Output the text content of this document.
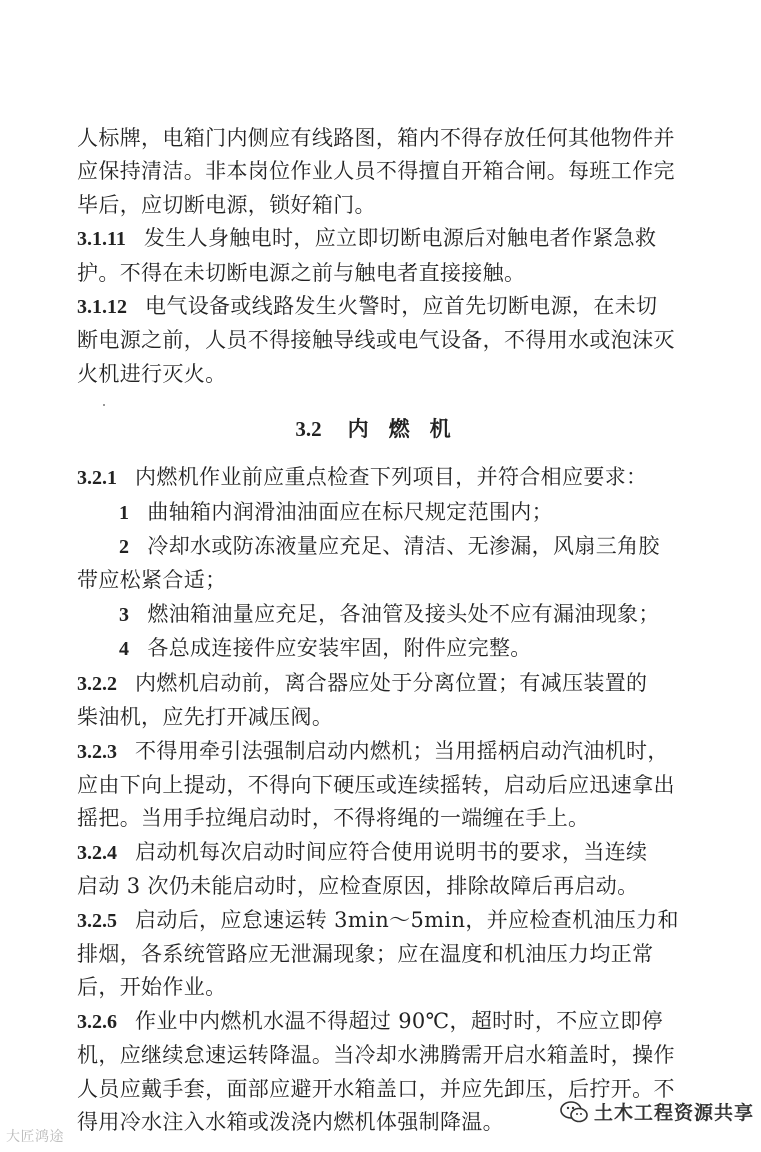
人标牌，电箱门内侧应有线路图，箱内不得存放任何其他物件并
应保持清洁。非本岗位作业人员不得擅自开箱合闸。每班工作完
毕后，应切断电源，锁好箱门。
3.1.11 发生人身触电时，应立即切断电源后对触电者作紧急救
护。不得在未切断电源之前与触电者直接接触。
3.1.12 电气设备或线路发生火警时，应首先切断电源，在未切
断电源之前，人员不得接触导线或电气设备，不得用水或泡沫灭
火机进行灭火。
3.2 内燃机
3.2.1 内燃机作业前应重点检查下列项目，并符合相应要求：
1 曲轴箱内润滑油油面应在标尺规定范围内；
2 冷却水或防冻液量应充足、清洁、无渗漏，风扇三角胶
带应松紧合适；
3 燃油箱油量应充足，各油管及接头处不应有漏油现象；
4 各总成连接件应安装牢固，附件应完整。
3.2.2 内燃机启动前，离合器应处于分离位置；有减压装置的
柴油机，应先打开减压阀。
3.2.3 不得用牵引法强制启动内燃机；当用摇柄启动汽油机时，
应由下向上提动，不得向下硬压或连续摇转，启动后应迅速拿出
摇把。当用手拉绳启动时，不得将绳的一端缠在手上。
3.2.4 启动机每次启动时间应符合使用说明书的要求，当连续
启动 3 次仍未能启动时，应检查原因，排除故障后再启动。
3.2.5 启动后，应怠速运转 3min～5min，并应检查机油压力和
排烟，各系统管路应无泄漏现象；应在温度和机油压力均正常
后，开始作业。
3.2.6 作业中内燃机水温不得超过 90℃，超时时，不应立即停
机，应继续怠速运转降温。当冷却水沸腾需开启水箱盖时，操作
人员应戴手套，面部应避开水箱盖口，并应先卸压，后拧开。不
得用冷水注入水箱或泼浇内燃机体强制降温。
大匠鸿途
土木工程资源共享
